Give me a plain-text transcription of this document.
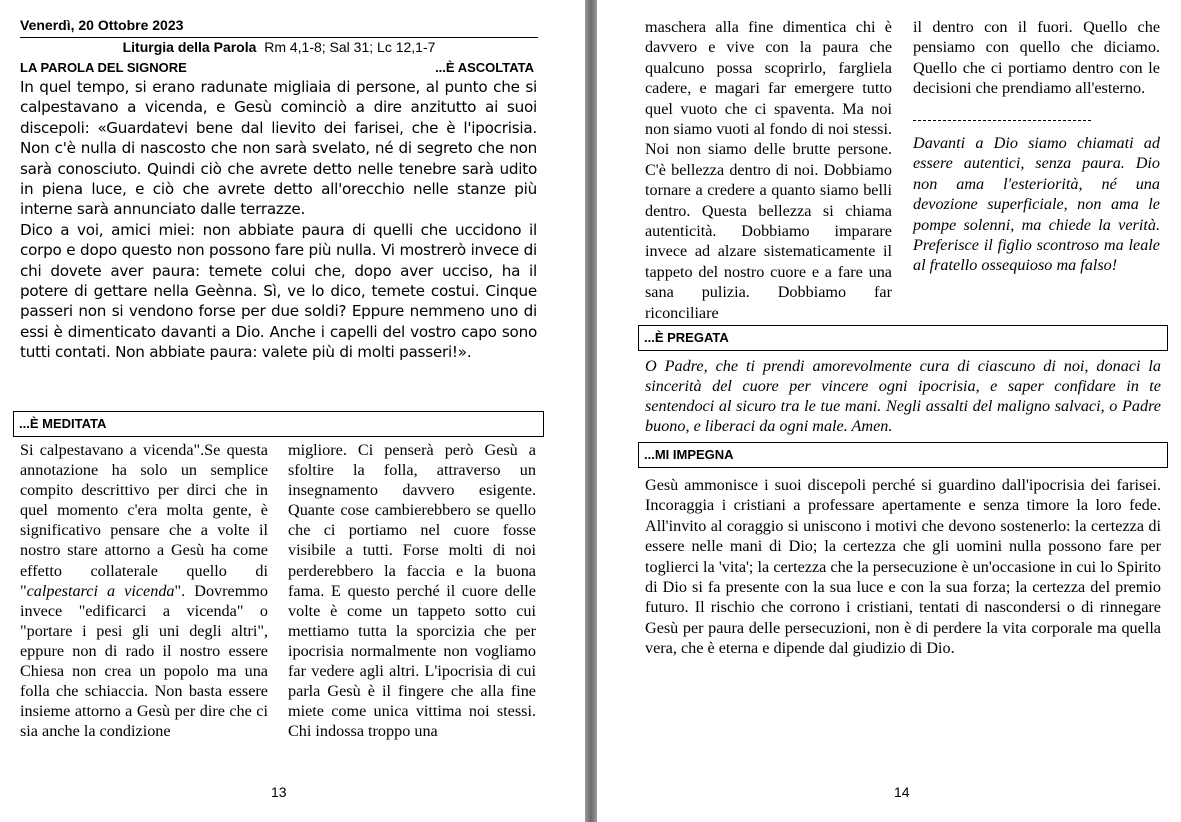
Venerdì, 20 Ottobre 2023
Liturgia della Parola Rm 4,1-8; Sal 31; Lc 12,1-7
LA PAROLA DEL SIGNORE	...È ASCOLTATA

In quel tempo, si erano radunate migliaia di persone, al punto che si calpestavano a vicenda, e Gesù cominciò a dire anzitutto ai suoi discepoli: «Guardatevi bene dal lievito dei farisei, che è l'ipocrisia. Non c'è nulla di nascosto che non sarà svelato, né di segreto che non sarà conosciuto. Quindi ciò che avrete detto nelle tenebre sarà udito in piena luce, e ciò che avrete detto all'orecchio nelle stanze più interne sarà annunciato dalle terrazze.

Dico a voi, amici miei: non abbiate paura di quelli che uccidono il corpo e dopo questo non possono fare più nulla. Vi mostrerò invece di chi dovete aver paura: temete colui che, dopo aver ucciso, ha il potere di gettare nella Geènna. Sì, ve lo dico, temete costui. Cinque passeri non si vendono forse per due soldi? Eppure nemmeno uno di essi è dimenticato davanti a Dio. Anche i capelli del vostro capo sono tutti contati. Non abbiate paura: valete più di molti passeri!».

...È MEDITATA

Si calpestavano a vicenda".Se questa annotazione ha solo un semplice compito descrittivo per dirci che in quel momento c'era molta gente, è significativo pensare che a volte il nostro stare attorno a Gesù ha come effetto collaterale quello di "calpestarci a vicenda". Dovremmo invece "edificarci a vicenda" o "portare i pesi gli uni degli altri", eppure non di rado il nostro essere Chiesa non crea un popolo ma una folla che schiaccia. Non basta essere insieme attorno a Gesù per dire che ci sia anche la condizione

migliore. Ci penserà però Gesù a sfoltire la folla, attraverso un insegnamento davvero esigente. Quante cose cambierebbero se quello che ci portiamo nel cuore fosse visibile a tutti. Forse molti di noi perderebbero la faccia e la buona fama. E questo perché il cuore delle volte è come un tappeto sotto cui mettiamo tutta la sporcizia che per ipocrisia normalmente non vogliamo far vedere agli altri. L'ipocrisia di cui parla Gesù è il fingere che alla fine miete come unica vittima noi stessi. Chi indossa troppo una

13

maschera alla fine dimentica chi è davvero e vive con la paura che qualcuno possa scoprirlo, fargliela cadere, e magari far emergere tutto quel vuoto che ci spaventa. Ma noi non siamo vuoti al fondo di noi stessi. Noi non siamo delle brutte persone. C'è bellezza dentro di noi. Dobbiamo tornare a credere a quanto siamo belli dentro. Questa bellezza si chiama autenticità. Dobbiamo imparare invece ad alzare sistematicamente il tappeto del nostro cuore e a fare una sana pulizia. Dobbiamo far riconciliare

il dentro con il fuori. Quello che pensiamo con quello che diciamo. Quello che ci portiamo dentro con le decisioni che prendiamo all'esterno.

Davanti a Dio siamo chiamati ad essere autentici, senza paura. Dio non ama l'esteriorità, né una devozione superficiale, non ama le pompe solenni, ma chiede la verità. Preferisce il figlio scontroso ma leale al fratello ossequioso ma falso!
...È PREGATA
O Padre, che ti prendi amorevolmente cura di ciascuno di noi, donaci la sincerità del cuore per vincere ogni ipocrisia, e saper confidare in te sentendoci al sicuro tra le tue mani. Negli assalti del maligno salvaci, o Padre buono, e liberaci da ogni male. Amen.
...MI IMPEGNA
Gesù ammonisce i suoi discepoli perché si guardino dall'ipocrisia dei farisei. Incoraggia i cristiani a professare apertamente e senza timore la loro fede. All'invito al coraggio si uniscono i motivi che devono sostenerlo: la certezza di essere nelle mani di Dio; la certezza che gli uomini nulla possono fare per toglierci la 'vita'; la certezza che la persecuzione è un'occasione in cui lo Spirito di Dio si fa presente con la sua luce e con la sua forza; la certezza del premio futuro. Il rischio che corrono i cristiani, tentati di nascondersi o di rinnegare Gesù per paura delle persecuzioni, non è di perdere la vita corporale ma quella vera, che è eterna e dipende dal giudizio di Dio.
14
